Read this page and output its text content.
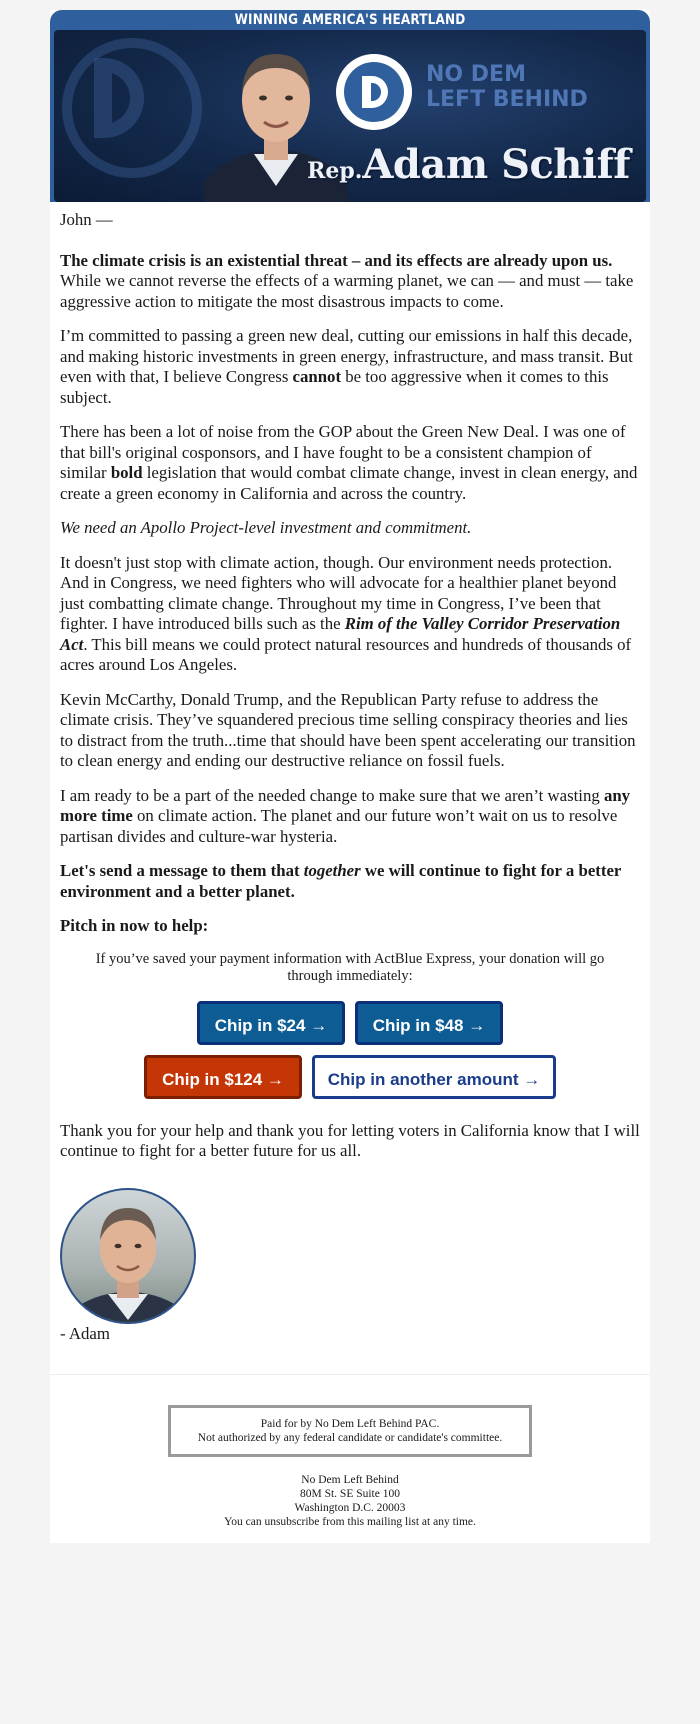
WINNING AMERICA'S HEARTLAND
NO DEM
LEFT BEHIND
Rep.Adam Schiff

John —

The climate crisis is an existential threat – and its effects are already upon us. While we cannot reverse the effects of a warming planet, we can — and must — take aggressive action to mitigate the most disastrous impacts to come.

I’m committed to passing a green new deal, cutting our emissions in half this decade, and making historic investments in green energy, infrastructure, and mass transit. But even with that, I believe Congress cannot be too aggressive when it comes to this subject.

There has been a lot of noise from the GOP about the Green New Deal. I was one of that bill's original cosponsors, and I have fought to be a consistent champion of similar bold legislation that would combat climate change, invest in clean energy, and create a green economy in California and across the country.

We need an Apollo Project-level investment and commitment.

It doesn't just stop with climate action, though. Our environment needs protection. And in Congress, we need fighters who will advocate for a healthier planet beyond just combatting climate change. Throughout my time in Congress, I’ve been that fighter. I have introduced bills such as the Rim of the Valley Corridor Preservation Act. This bill means we could protect natural resources and hundreds of thousands of acres around Los Angeles.

Kevin McCarthy, Donald Trump, and the Republican Party refuse to address the climate crisis. They’ve squandered precious time selling conspiracy theories and lies to distract from the truth...time that should have been spent accelerating our transition to clean energy and ending our destructive reliance on fossil fuels.

I am ready to be a part of the needed change to make sure that we aren’t wasting any more time on climate action. The planet and our future won’t wait on us to resolve partisan divides and culture-war hysteria.

Let's send a message to them that together we will continue to fight for a better environment and a better planet.

Pitch in now to help:

If you’ve saved your payment information with ActBlue Express, your donation will go through immediately:
Chip in $24 →	Chip in $48 →
Chip in $124 →	Chip in another amount →

Thank you for your help and thank you for letting voters in California know that I will continue to fight for a better future for us all.

- Adam

Paid for by No Dem Left Behind PAC.
Not authorized by any federal candidate or candidate's committee.
No Dem Left Behind
80M St. SE Suite 100
Washington D.C. 20003
You can unsubscribe from this mailing list at any time.
